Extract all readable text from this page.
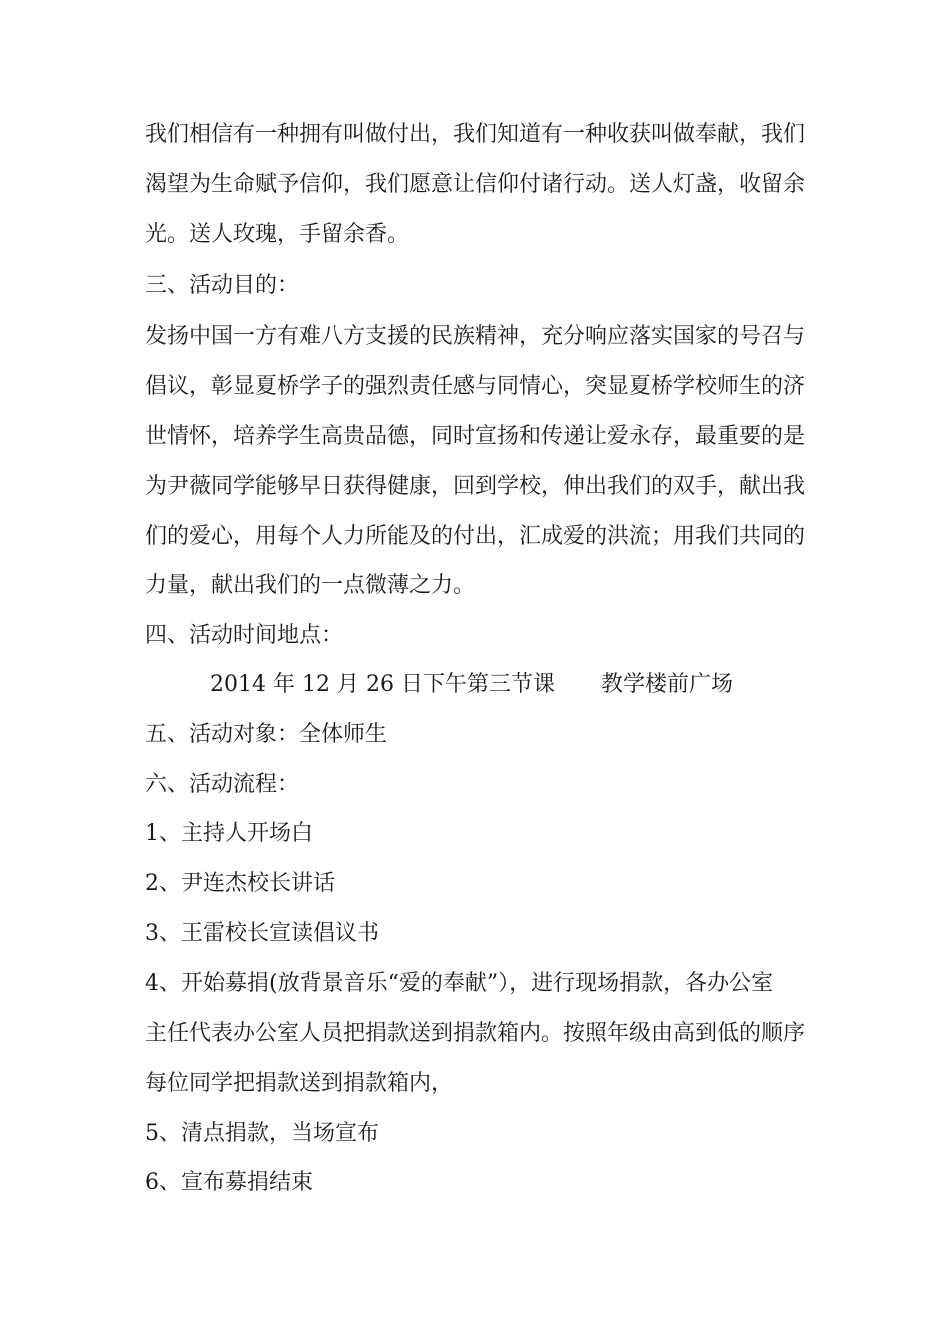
我们相信有一种拥有叫做付出，我们知道有一种收获叫做奉献，我们
渴望为生命赋予信仰，我们愿意让信仰付诸行动。送人灯盏，收留余
光。送人玫瑰，手留余香。
三、活动目的：
发扬中国一方有难八方支援的民族精神，充分响应落实国家的号召与
倡议，彰显夏桥学子的强烈责任感与同情心，突显夏桥学校师生的济
世情怀，培养学生高贵品德，同时宣扬和传递让爱永存，最重要的是
为尹薇同学能够早日获得健康，回到学校，伸出我们的双手，献出我
们的爱心，用每个人力所能及的付出，汇成爱的洪流；用我们共同的
力量，献出我们的一点微薄之力。
四、活动时间地点：
2014 年 12 月 26 日下午第三节课 教学楼前广场
五、活动对象：全体师生
六、活动流程：
1、主持人开场白
2、尹连杰校长讲话
3、王雷校长宣读倡议书
4、开始募捐(放背景音乐“爱的奉献”），进行现场捐款，各办公室
主任代表办公室人员把捐款送到捐款箱内。按照年级由高到低的顺序
每位同学把捐款送到捐款箱内，
5、清点捐款，当场宣布
6、宣布募捐结束
